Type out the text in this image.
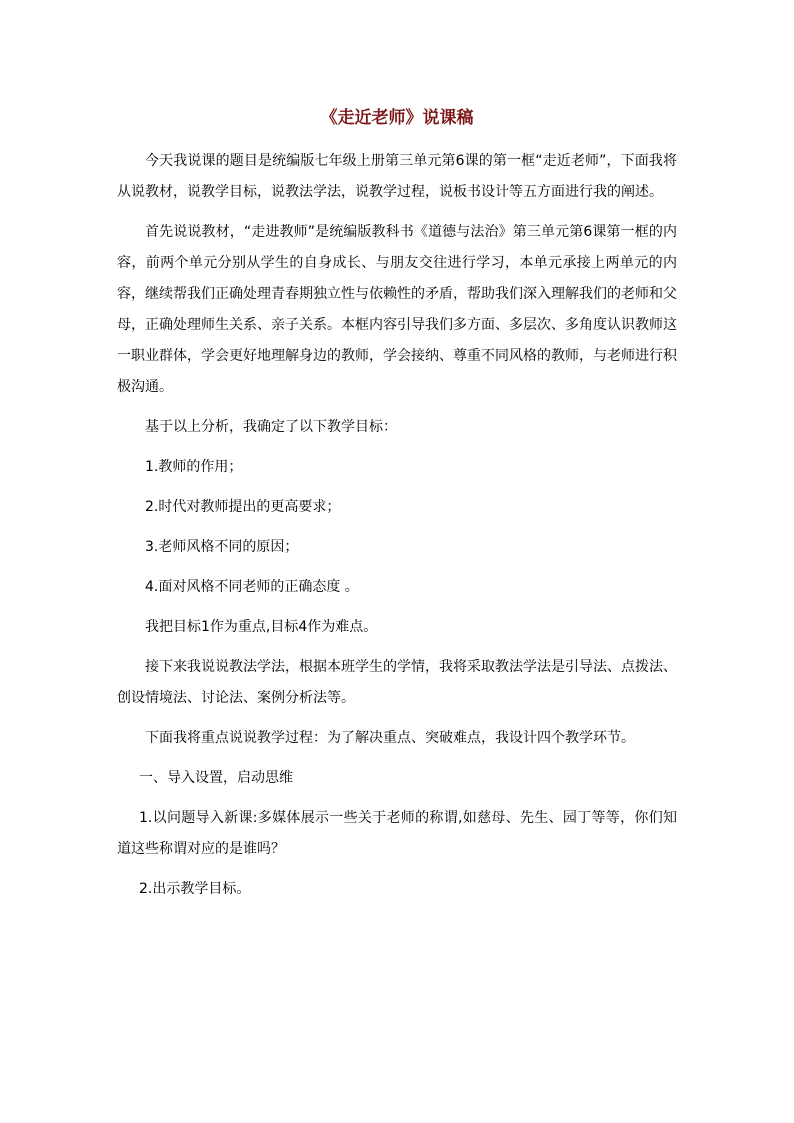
《走近老师》说课稿

今天我说课的题目是统编版七年级上册第三单元第6课的第一框“走近老师”，下面我将从说教材，说教学目标，说教法学法，说教学过程，说板书设计等五方面进行我的阐述。

首先说说教材，“走进教师”是统编版教科书《道德与法治》第三单元第6课第一框的内容，前两个单元分别从学生的自身成长、与朋友交往进行学习，本单元承接上两单元的内容，继续帮我们正确处理青春期独立性与依赖性的矛盾，帮助我们深入理解我们的老师和父母，正确处理师生关系、亲子关系。本框内容引导我们多方面、多层次、多角度认识教师这一职业群体，学会更好地理解身边的教师，学会接纳、尊重不同风格的教师，与老师进行积极沟通。

基于以上分析，我确定了以下教学目标：

1.教师的作用；

2.时代对教师提出的更高要求；

3.老师风格不同的原因；

4.面对风格不同老师的正确态度 。

我把目标1作为重点,目标4作为难点。

接下来我说说教法学法，根据本班学生的学情，我将采取教法学法是引导法、点拨法、创设情境法、讨论法、案例分析法等。

下面我将重点说说教学过程：为了解决重点、突破难点，我设计四个教学环节。

一、导入设置，启动思维

1.以问题导入新课:多媒体展示一些关于老师的称谓,如慈母、先生、园丁等等，你们知道这些称谓对应的是谁吗？

2.出示教学目标。
